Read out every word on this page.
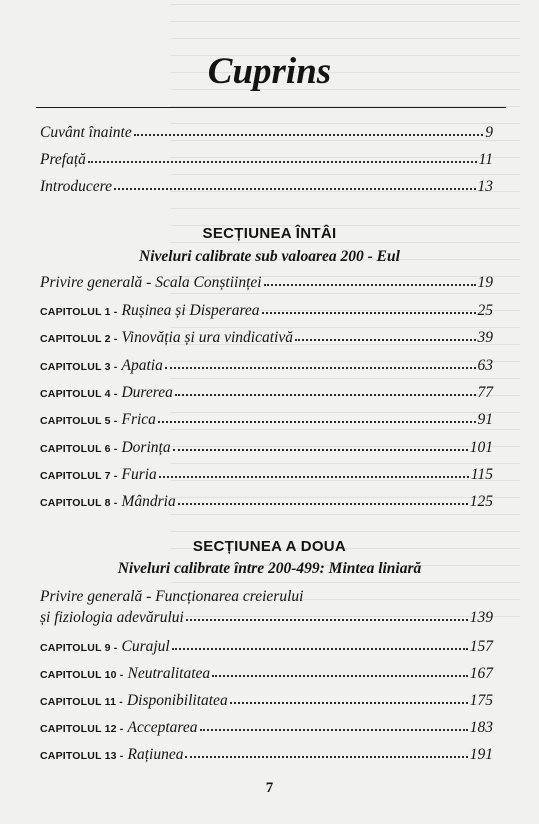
Cuprins
Cuvânt înainte	9
Prefață	11
Introducere	13
SECȚIUNEA ÎNTÂI
Niveluri calibrate sub valoarea 200 - Eul
Privire generală - Scala Conștiinței	19
CAPITOLUL 1 - Rușinea și Disperarea	25
CAPITOLUL 2 - Vinovăția și ura vindicativă	39
CAPITOLUL 3 - Apatia	63
CAPITOLUL 4 - Durerea	77
CAPITOLUL 5 - Frica	91
CAPITOLUL 6 - Dorința	101
CAPITOLUL 7 - Furia	115
CAPITOLUL 8 - Mândria	125
SECȚIUNEA A DOUA
Niveluri calibrate între 200-499: Mintea liniară
Privire generală - Funcționarea creierului
și fiziologia adevărului	139
CAPITOLUL 9 - Curajul	157
CAPITOLUL 10 - Neutralitatea	167
CAPITOLUL 11 - Disponibilitatea	175
CAPITOLUL 12 - Acceptarea	183
CAPITOLUL 13 - Rațiunea	191
7
